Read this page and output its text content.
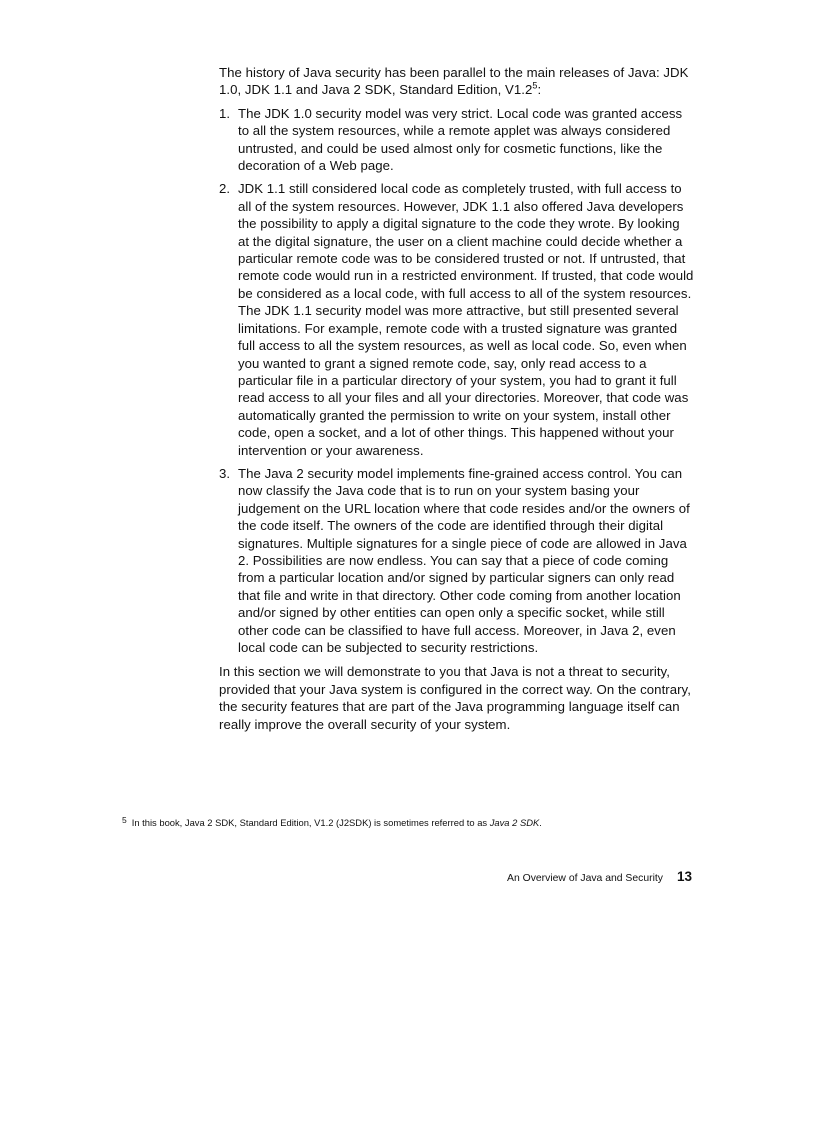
The history of Java security has been parallel to the main releases of Java: JDK 1.0, JDK 1.1 and Java 2 SDK, Standard Edition, $V1.2^5$:

1. The JDK 1.0 security model was very strict. Local code was granted access to all the system resources, while a remote applet was always considered untrusted, and could be used almost only for cosmetic functions, like the decoration of a Web page.
2. JDK 1.1 still considered local code as completely trusted, with full access to all of the system resources. However, JDK 1.1 also offered Java developers the possibility to apply a digital signature to the code they wrote. By looking at the digital signature, the user on a client machine could decide whether a particular remote code was to be considered trusted or not. If untrusted, that remote code would run in a restricted environment. If trusted, that code would be considered as a local code, with full access to all of the system resources. The JDK 1.1 security model was more attractive, but still presented several limitations. For example, remote code with a trusted signature was granted full access to all the system resources, as well as local code. So, even when you wanted to grant a signed remote code, say, only read access to a particular file in a particular directory of your system, you had to grant it full read access to all your files and all your directories. Moreover, that code was automatically granted the permission to write on your system, install other code, open a socket, and a lot of other things. This happened without your intervention or your awareness.
3. The Java 2 security model implements fine-grained access control. You can now classify the Java code that is to run on your system basing your judgement on the URL location where that code resides and/or the owners of the code itself. The owners of the code are identified through their digital signatures. Multiple signatures for a single piece of code are allowed in Java 2. Possibilities are now endless. You can say that a piece of code coming from a particular location and/or signed by particular signers can only read that file and write in that directory. Other code coming from another location and/or signed by other entities can open only a specific socket, while still other code can be classified to have full access. Moreover, in Java 2, even local code can be subjected to security restrictions.

In this section we will demonstrate to you that Java is not a threat to security, provided that your Java system is configured in the correct way. On the contrary, the security features that are part of the Java programming language itself can really improve the overall security of your system.

5 In this book, Java 2 SDK, Standard Edition, V1.2 (J2SDK) is sometimes referred to as Java 2 SDK.
An Overview of Java and Security 13
